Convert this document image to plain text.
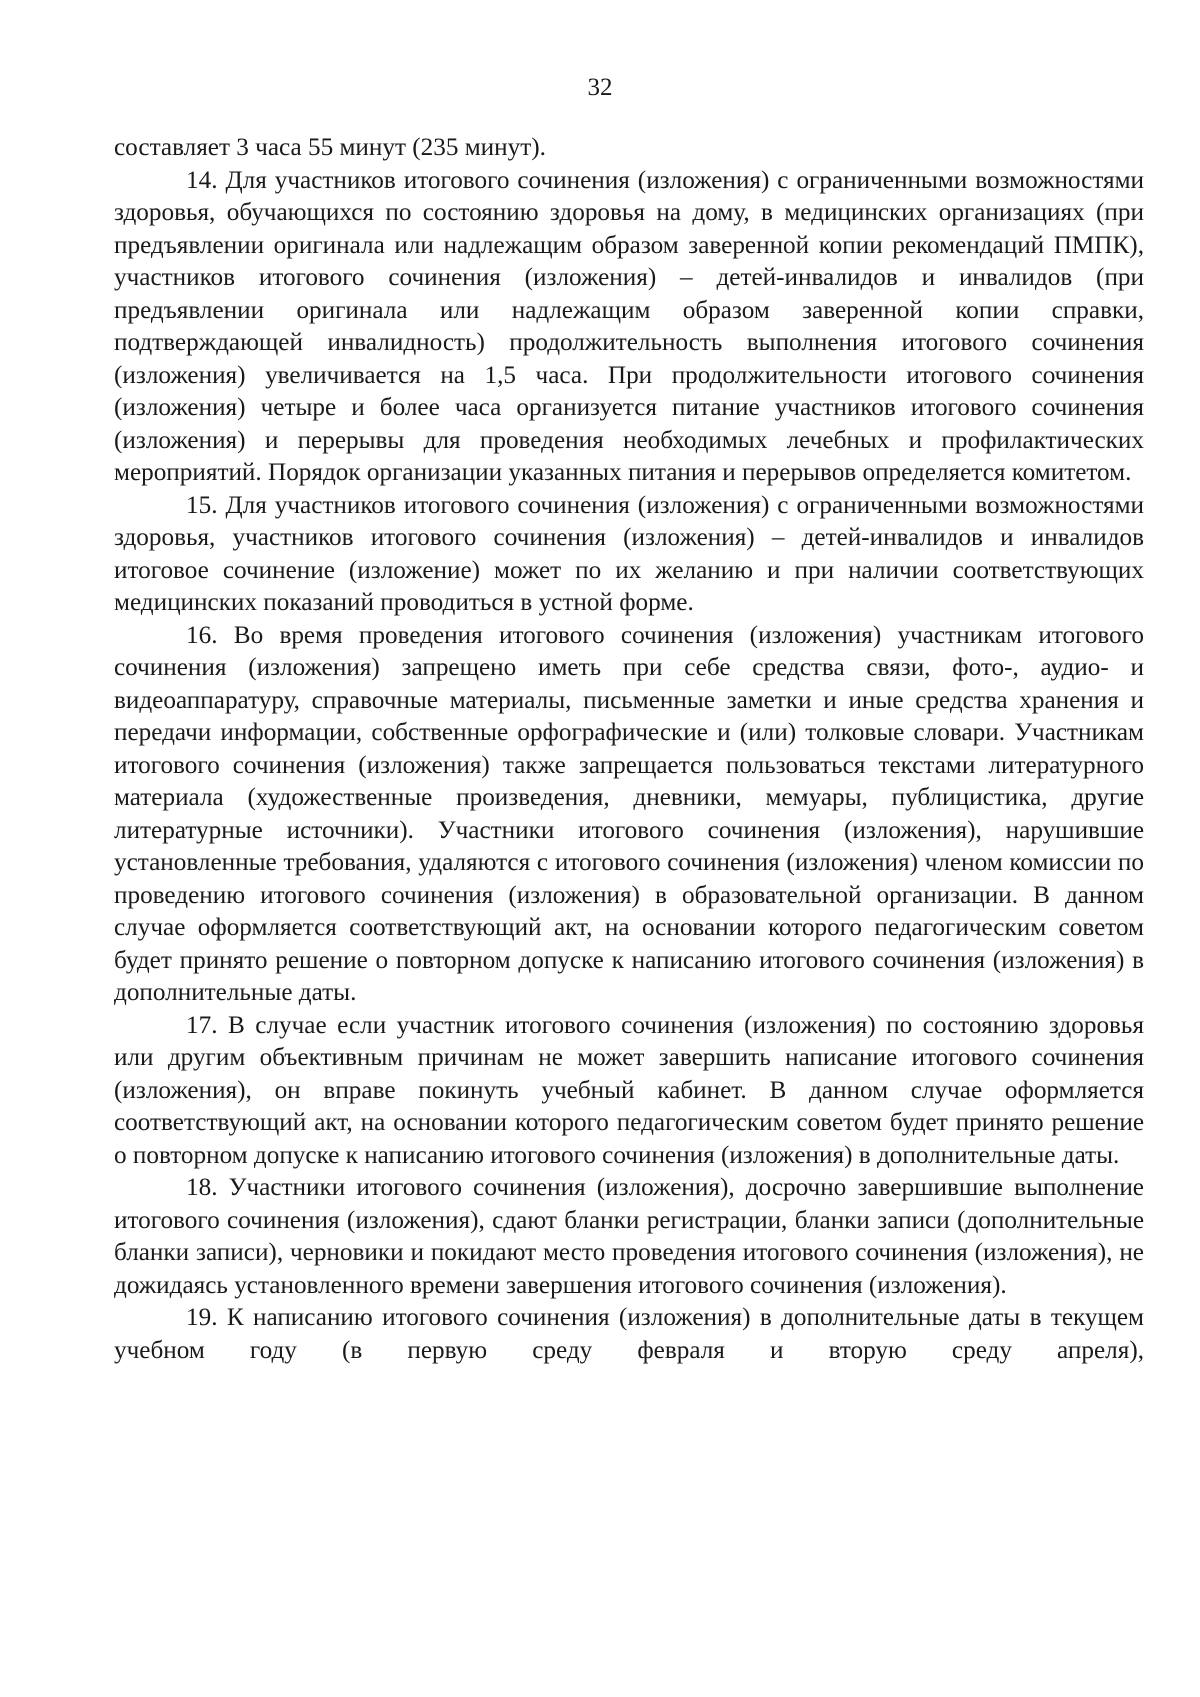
32

составляет 3 часа 55 минут (235 минут).

14. Для участников итогового сочинения (изложения) с ограниченными возможностями здоровья, обучающихся по состоянию здоровья на дому, в медицинских организациях (при предъявлении оригинала или надлежащим образом заверенной копии рекомендаций ПМПК), участников итогового сочинения (изложения) – детей-инвалидов и инвалидов (при предъявлении оригинала или надлежащим образом заверенной копии справки, подтверждающей инвалидность) продолжительность выполнения итогового сочинения (изложения) увеличивается на 1,5 часа. При продолжительности итогового сочинения (изложения) четыре и более часа организуется питание участников итогового сочинения (изложения) и перерывы для проведения необходимых лечебных и профилактических мероприятий. Порядок организации указанных питания и перерывов определяется комитетом.

15. Для участников итогового сочинения (изложения) с ограниченными возможностями здоровья, участников итогового сочинения (изложения) – детей-инвалидов и инвалидов итоговое сочинение (изложение) может по их желанию и при наличии соответствующих медицинских показаний проводиться в устной форме.

16. Во время проведения итогового сочинения (изложения) участникам итогового сочинения (изложения) запрещено иметь при себе средства связи, фото-, аудио- и видеоаппаратуру, справочные материалы, письменные заметки и иные средства хранения и передачи информации, собственные орфографические и (или) толковые словари. Участникам итогового сочинения (изложения) также запрещается пользоваться текстами литературного материала (художественные произведения, дневники, мемуары, публицистика, другие литературные источники). Участники итогового сочинения (изложения), нарушившие установленные требования, удаляются с итогового сочинения (изложения) членом комиссии по проведению итогового сочинения (изложения) в образовательной организации. В данном случае оформляется соответствующий акт, на основании которого педагогическим советом будет принято решение о повторном допуске к написанию итогового сочинения (изложения) в дополнительные даты.

17. В случае если участник итогового сочинения (изложения) по состоянию здоровья или другим объективным причинам не может завершить написание итогового сочинения (изложения), он вправе покинуть учебный кабинет. В данном случае оформляется соответствующий акт, на основании которого педагогическим советом будет принято решение о повторном допуске к написанию итогового сочинения (изложения) в дополнительные даты.

18. Участники итогового сочинения (изложения), досрочно завершившие выполнение итогового сочинения (изложения), сдают бланки регистрации, бланки записи (дополнительные бланки записи), черновики и покидают место проведения итогового сочинения (изложения), не дожидаясь установленного времени завершения итогового сочинения (изложения).

19. К написанию итогового сочинения (изложения) в дополнительные даты в текущем учебном году (в первую среду февраля и вторую среду апреля),
